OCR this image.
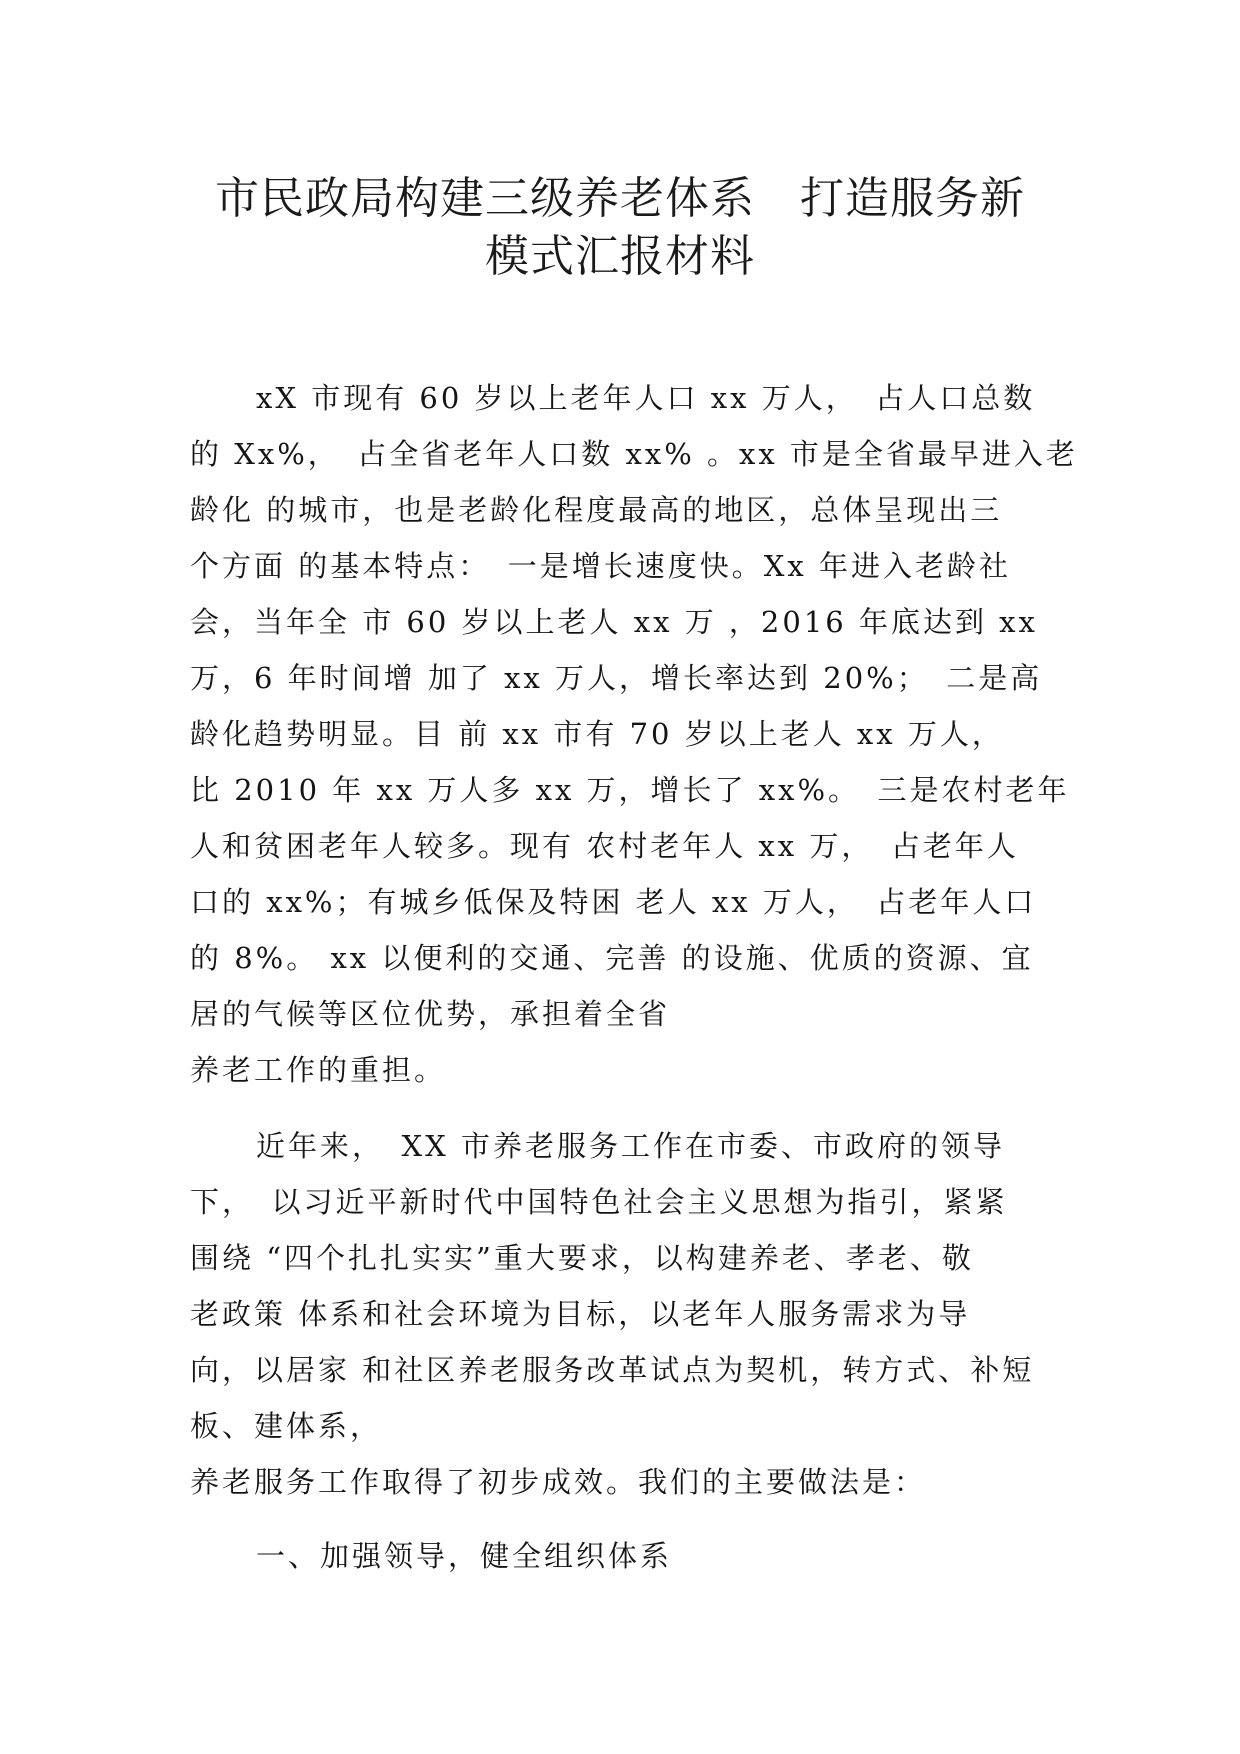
市民政局构建三级养老体系　打造服务新
模式汇报材料
xX 市现有 60 岁以上老年人口 xx 万人，　占人口总数
的 Xx%，　占全省老年人口数 xx% 。xx 市是全省最早进入老
龄化 的城市，也是老龄化程度最高的地区，总体呈现出三
个方面 的基本特点：　一是增长速度快。Xx 年进入老龄社
会，当年全 市 60 岁以上老人 xx 万 ，2016 年底达到 xx
万，6 年时间增 加了 xx 万人，增长率达到 20%；　二是高
龄化趋势明显。目 前 xx 市有 70 岁以上老人 xx 万人，
比 2010 年 xx 万人多 xx 万，增长了 xx%。　三是农村老年
人和贫困老年人较多。现有 农村老年人 xx 万，　占老年人
口的 xx%；有城乡低保及特困 老人 xx 万人，　占老年人口
的 8%。 xx 以便利的交通、完善 的设施、优质的资源、宜
居的气候等区位优势，承担着全省
养老工作的重担。
近年来，　XX 市养老服务工作在市委、市政府的领导
下，　以习近平新时代中国特色社会主义思想为指引，紧紧
围绕 “四个扎扎实实”重大要求，以构建养老、孝老、敬
老政策 体系和社会环境为目标，以老年人服务需求为导
向，以居家 和社区养老服务改革试点为契机，转方式、补短
板、建体系，
养老服务工作取得了初步成效。我们的主要做法是：
一、加强领导，健全组织体系
